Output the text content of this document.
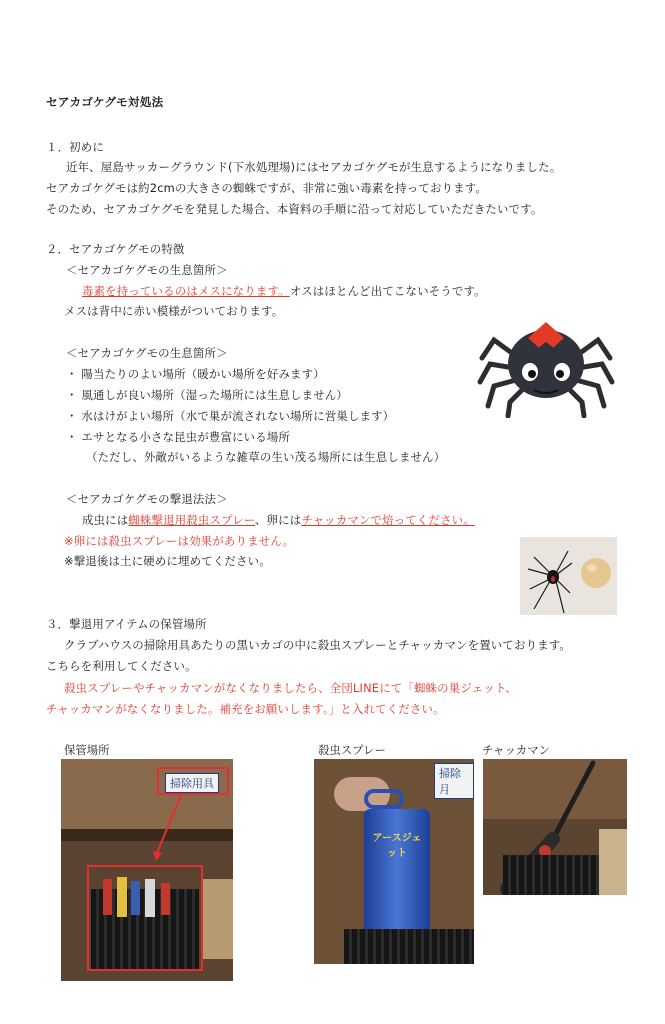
セアカゴケグモ対処法
１．初めに
近年、屋島サッカーグラウンド(下水処理場)にはセアカゴケグモが生息するようになりました。
セアカゴケグモは約2cmの大きさの蜘蛛ですが、非常に強い毒素を持っております。
そのため、セアカゴケグモを発見した場合、本資料の手順に沿って対応していただきたいです。
２．セアカゴケグモの特徴
＜セアカゴケグモの生息箇所＞
毒素を持っているのはメスになります。オスはほとんど出てこないそうです。
メスは背中に赤い模様がついております。
＜セアカゴケグモの生息箇所＞
・ 陽当たりのよい場所（暖かい場所を好みます）
・ 風通しが良い場所（湿った場所には生息しません）
・ 水はけがよい場所（水で巣が流されない場所に営巣します）
・ エサとなる小さな昆虫が豊富にいる場所
（ただし、外敵がいるような雑草の生い茂る場所には生息しません）
＜セアカゴケグモの撃退法法＞
成虫には蜘蛛撃退用殺虫スプレー、卵にはチャッカマンで焙ってください。
※卵には殺虫スプレーは効果がありません。
※撃退後は土に硬めに埋めてください。
３．撃退用アイテムの保管場所
クラブハウスの掃除用具あたりの黒いカゴの中に殺虫スプレーとチャッカマンを置いております。
こちらを利用してください。
殺虫スプレーやチャッカマンがなくなりましたら、全団LINEにて「蜘蛛の巣ジェット、
チャッカマンがなくなりました。補充をお願いします。」と入れてください。
保管場所	殺虫スプレー	チャッカマン
掃除用具
掃除月
アースジェット
